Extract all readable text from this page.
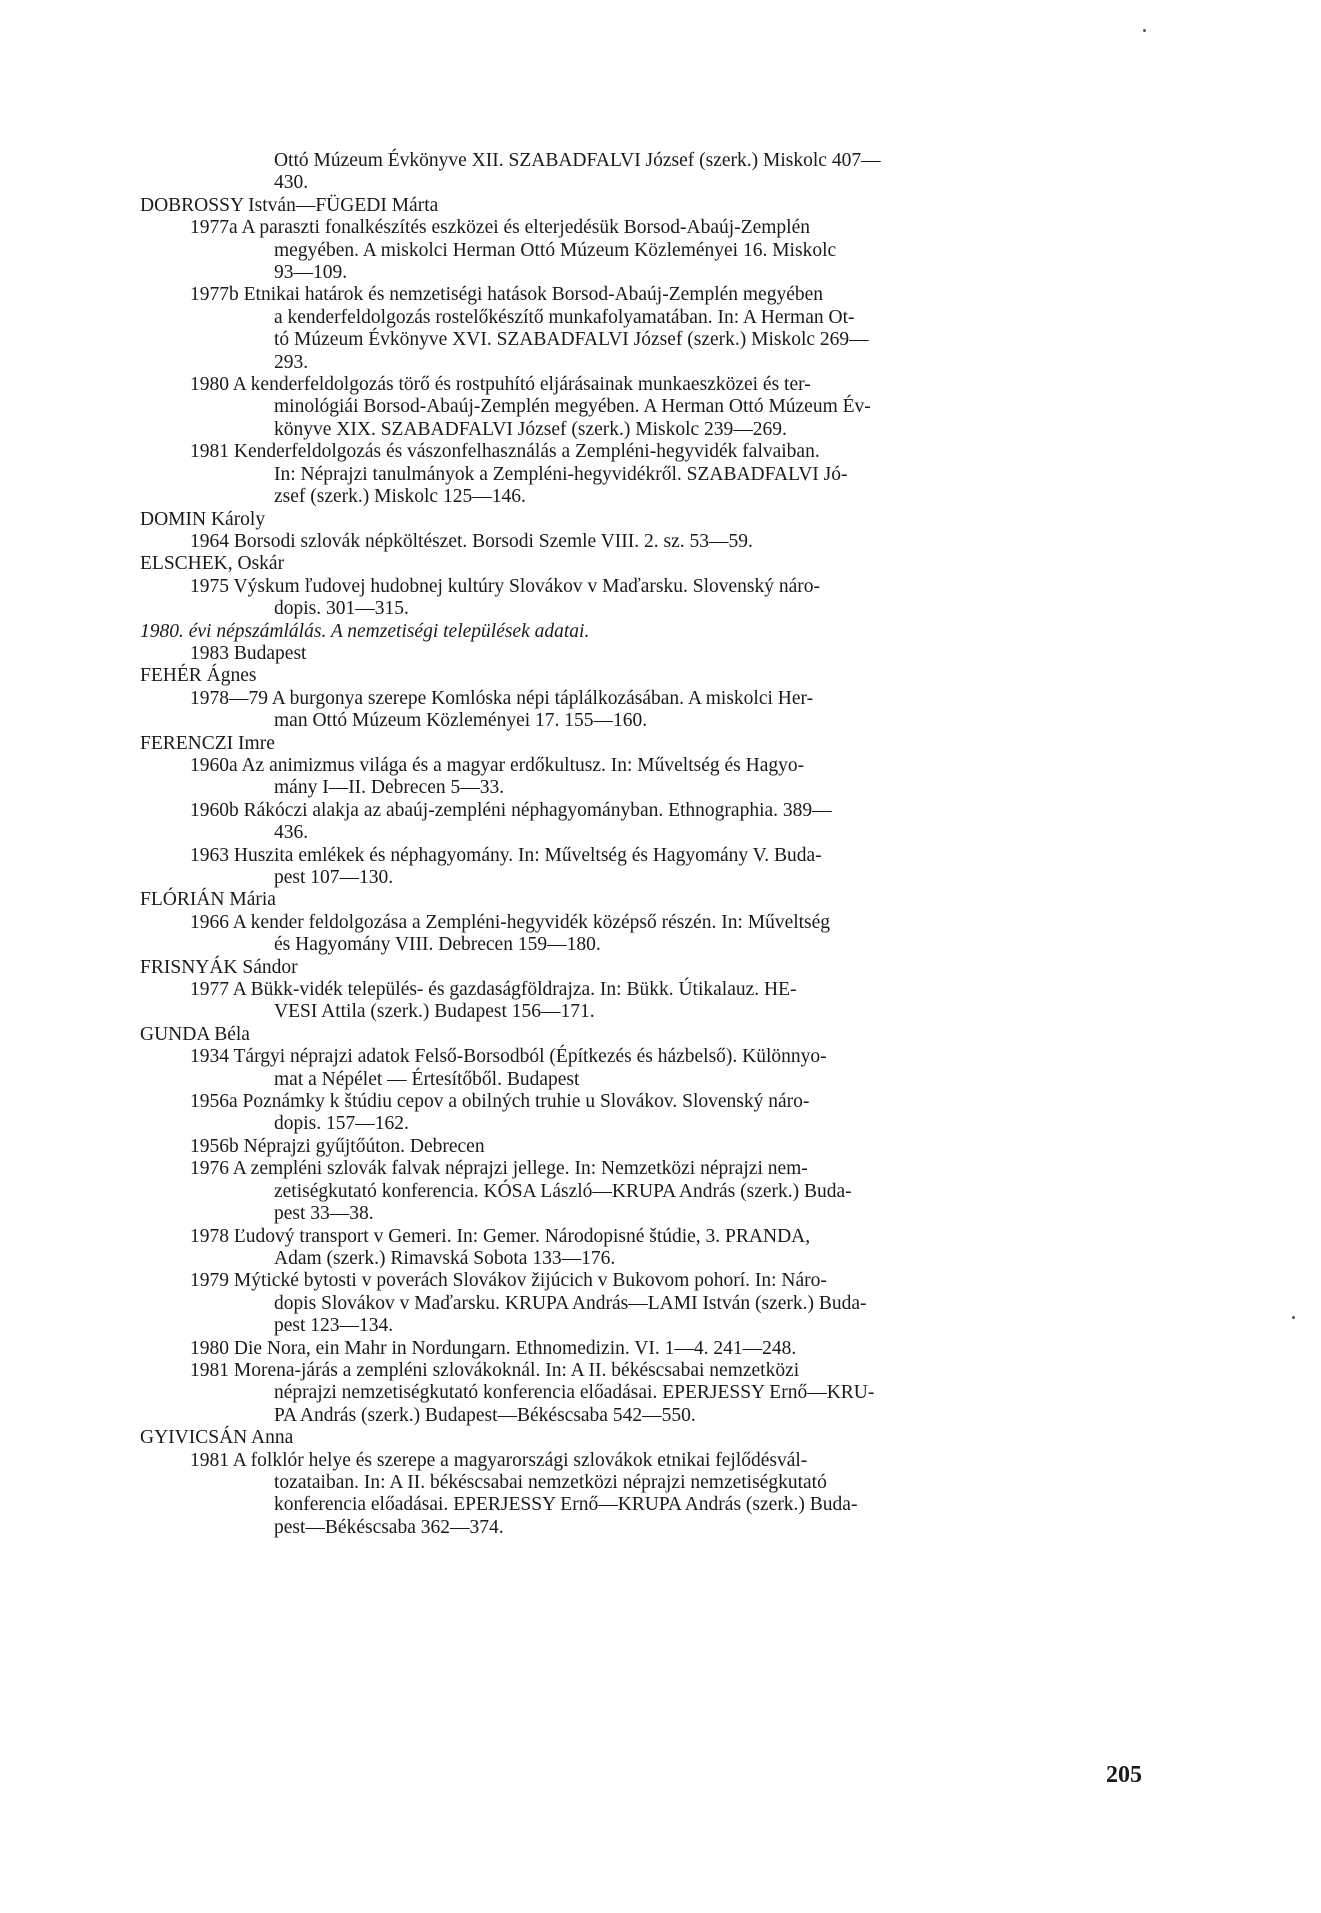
Ottó Múzeum Évkönyve XII. SZABADFALVI József (szerk.) Miskolc 407—
430.
DOBROSSY István—FÜGEDI Márta
1977a A paraszti fonalkészítés eszközei és elterjedésük Borsod-Abaúj-Zemplén
megyében. A miskolci Herman Ottó Múzeum Közleményei 16. Miskolc
93—109.
1977b Etnikai határok és nemzetiségi hatások Borsod-Abaúj-Zemplén megyében
a kenderfeldolgozás rostelőkészítő munkafolyamatában. In: A Herman Ot-
tó Múzeum Évkönyve XVI. SZABADFALVI József (szerk.) Miskolc 269—
293.
1980 A kenderfeldolgozás törő és rostpuhító eljárásainak munkaeszközei és ter-
minológiái Borsod-Abaúj-Zemplén megyében. A Herman Ottó Múzeum Év-
könyve XIX. SZABADFALVI József (szerk.) Miskolc 239—269.
1981 Kenderfeldolgozás és vászonfelhasználás a Zempléni-hegyvidék falvaiban.
In: Néprajzi tanulmányok a Zempléni-hegyvidékről. SZABADFALVI Jó-
zsef (szerk.) Miskolc 125—146.
DOMIN Károly
1964 Borsodi szlovák népköltészet. Borsodi Szemle VIII. 2. sz. 53—59.
ELSCHEK, Oskár
1975 Výskum ľudovej hudobnej kultúry Slovákov v Maďarsku. Slovenský náro-
dopis. 301—315.
1980. évi népszámlálás. A nemzetiségi települések adatai.
1983 Budapest
FEHÉR Ágnes
1978—79 A burgonya szerepe Komlóska népi táplálkozásában. A miskolci Her-
man Ottó Múzeum Közleményei 17. 155—160.
FERENCZI Imre
1960a Az animizmus világa és a magyar erdőkultusz. In: Műveltség és Hagyo-
mány I—II. Debrecen 5—33.
1960b Rákóczi alakja az abaúj-zempléni néphagyományban. Ethnographia. 389—
436.
1963 Huszita emlékek és néphagyomány. In: Műveltség és Hagyomány V. Buda-
pest 107—130.
FLÓRIÁN Mária
1966 A kender feldolgozása a Zempléni-hegyvidék középső részén. In: Műveltség
és Hagyomány VIII. Debrecen 159—180.
FRISNYÁK Sándor
1977 A Bükk-vidék település- és gazdaságföldrajza. In: Bükk. Útikalauz. HE-
VESI Attila (szerk.) Budapest 156—171.
GUNDA Béla
1934 Tárgyi néprajzi adatok Felső-Borsodból (Építkezés és házbelső). Különnyo-
mat a Népélet — Értesítőből. Budapest
1956a Poznámky k štúdiu cepov a obilných truhie u Slovákov. Slovenský náro-
dopis. 157—162.
1956b Néprajzi gyűjtőúton. Debrecen
1976 A zempléni szlovák falvak néprajzi jellege. In: Nemzetközi néprajzi nem-
zetiségkutató konferencia. KÓSA László—KRUPA András (szerk.) Buda-
pest 33—38.
1978 Ľudový transport v Gemeri. In: Gemer. Národopisné štúdie, 3. PRANDA,
Adam (szerk.) Rimavská Sobota 133—176.
1979 Mýtické bytosti v poverách Slovákov žijúcich v Bukovom pohorí. In: Náro-
dopis Slovákov v Maďarsku. KRUPA András—LAMI István (szerk.) Buda-
pest 123—134.
1980 Die Nora, ein Mahr in Nordungarn. Ethnomedizin. VI. 1—4. 241—248.
1981 Morena-járás a zempléni szlovákoknál. In: A II. békéscsabai nemzetközi
néprajzi nemzetiségkutató konferencia előadásai. EPERJESSY Ernő—KRU-
PA András (szerk.) Budapest—Békéscsaba 542—550.
GYIVICSÁN Anna
1981 A folklór helye és szerepe a magyarországi szlovákok etnikai fejlődésvál-
tozataiban. In: A II. békéscsabai nemzetközi néprajzi nemzetiségkutató
konferencia előadásai. EPERJESSY Ernő—KRUPA András (szerk.) Buda-
pest—Békéscsaba 362—374.
205
